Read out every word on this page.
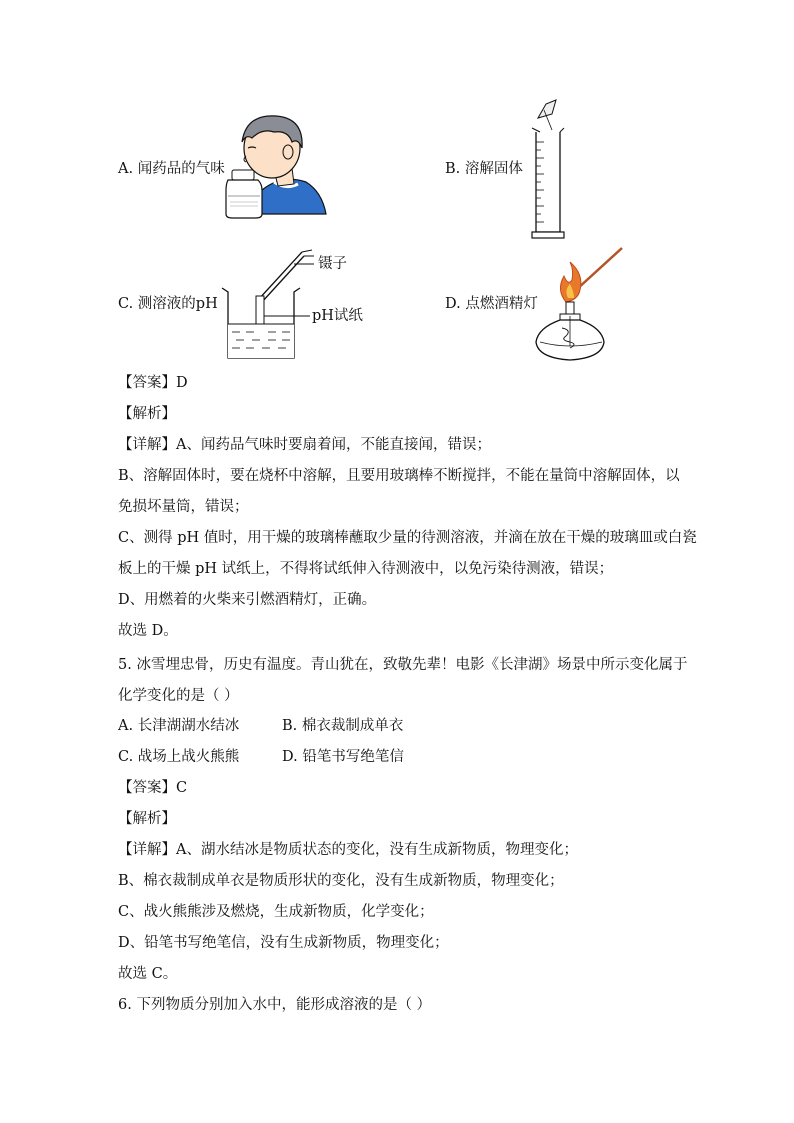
A. 闻药品的气味	B. 溶解固体
C. 测溶液的pH
镊子
pH试纸
D. 点燃酒精灯
【答案】D
【解析】
【详解】A、闻药品气味时要扇着闻，不能直接闻，错误；
B、溶解固体时，要在烧杯中溶解，且要用玻璃棒不断搅拌，不能在量筒中溶解固体，以
免损坏量筒，错误；
C、测得 pH 值时，用干燥的玻璃棒蘸取少量的待测溶液，并滴在放在干燥的玻璃皿或白瓷
板上的干燥 pH 试纸上，不得将试纸伸入待测液中，以免污染待测液，错误；
D、用燃着的火柴来引燃酒精灯，正确。
故选 D。
5. 冰雪埋忠骨，历史有温度。青山犹在，致敬先辈！电影《长津湖》场景中所示变化属于
化学变化的是（ ）
A. 长津湖湖水结冰	B. 棉衣裁制成单衣
C. 战场上战火熊熊	D. 铅笔书写绝笔信
【答案】C
【解析】
【详解】A、湖水结冰是物质状态的变化，没有生成新物质，物理变化；
B、棉衣裁制成单衣是物质形状的变化，没有生成新物质，物理变化；
C、战火熊熊涉及燃烧，生成新物质，化学变化；
D、铅笔书写绝笔信，没有生成新物质，物理变化；
故选 C。
6. 下列物质分别加入水中，能形成溶液的是（ ）
